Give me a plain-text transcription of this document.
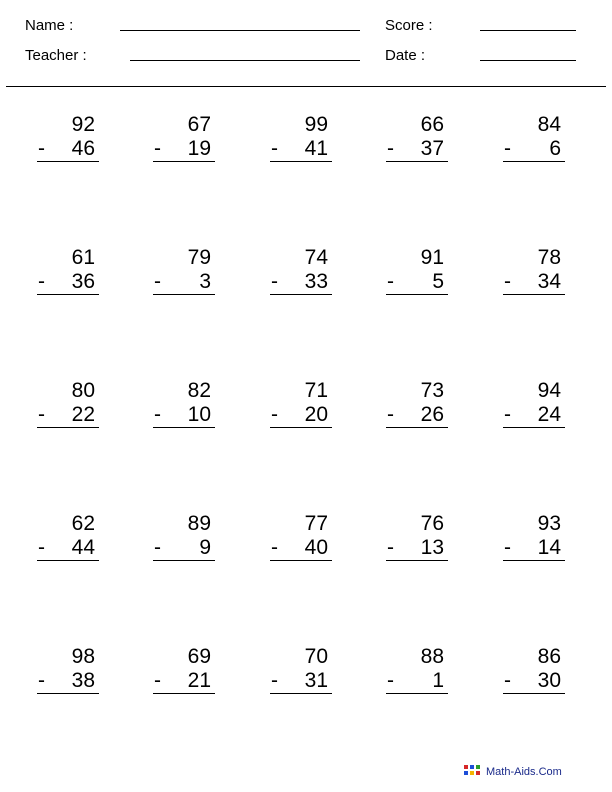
Name :
Teacher :
Score :
Date :
92
- 46
67
- 19
99
- 41
66
- 37
84
- 6
61
- 36
79
- 3
74
- 33
91
- 5
78
- 34
80
- 22
82
- 10
71
- 20
73
- 26
94
- 24
62
- 44
89
- 9
77
- 40
76
- 13
93
- 14
98
- 38
69
- 21
70
- 31
88
- 1
86
- 30
Math-Aids.Com
